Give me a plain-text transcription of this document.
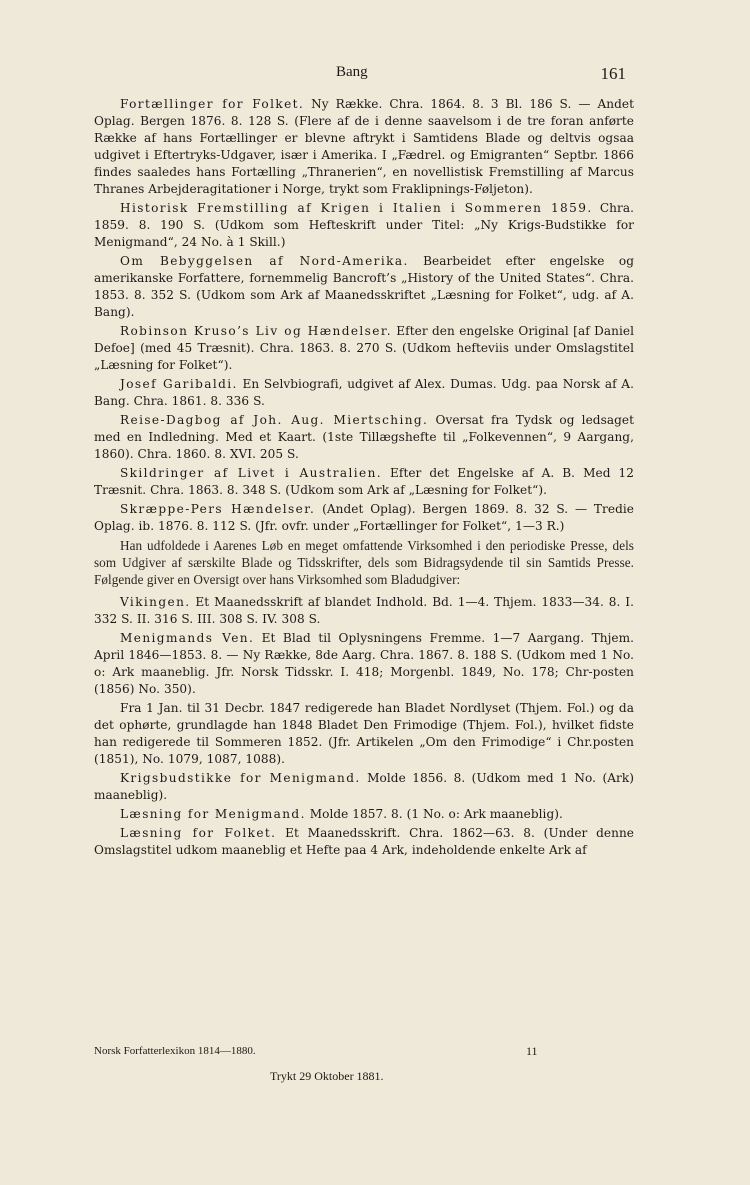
Bang	161

Fortællinger for Folket. Ny Række. Chra. 1864. 8. 3 Bl. 186 S. — Andet Oplag. Bergen 1876. 8. 128 S. (Flere af de i denne saavelsom i de tre foran anførte Række af hans Fortællinger er blevne aftrykt i Samtidens Blade og deltvis ogsaa udgivet i Eftertryks-Udgaver, især i Amerika. I „Fædrel. og Emigranten“ Septbr. 1866 findes saaledes hans Fortælling „Thranerien“, en novellistisk Fremstilling af Marcus Thranes Arbejderagitationer i Norge, trykt som Fraklipnings-Føljeton).

Historisk Fremstilling af Krigen i Italien i Sommeren 1859. Chra. 1859. 8. 190 S. (Udkom som Hefteskrift under Titel: „Ny Krigs-Budstikke for Menigmand“, 24 No. à 1 Skill.)

Om Bebyggelsen af Nord-Amerika. Bearbeidet efter engelske og amerikanske Forfattere, fornemmelig Bancroft’s „History of the United States“. Chra. 1853. 8. 352 S. (Udkom som Ark af Maanedsskriftet „Læsning for Folket“, udg. af A. Bang).

Robinson Kruso’s Liv og Hændelser. Efter den engelske Original [af Daniel Defoe] (med 45 Træsnit). Chra. 1863. 8. 270 S. (Udkom hefteviis under Omslagstitel „Læsning for Folket“).

Josef Garibaldi. En Selvbiografi, udgivet af Alex. Dumas. Udg. paa Norsk af A. Bang. Chra. 1861. 8. 336 S.

Reise-Dagbog af Joh. Aug. Miertsching. Oversat fra Tydsk og ledsaget med en Indledning. Med et Kaart. (1ste Tillægshefte til „Folkevennen“, 9 Aargang, 1860). Chra. 1860. 8. XVI. 205 S.

Skildringer af Livet i Australien. Efter det Engelske af A. B. Med 12 Træsnit. Chra. 1863. 8. 348 S. (Udkom som Ark af „Læsning for Folket“).

Skræppe-Pers Hændelser. (Andet Oplag). Bergen 1869. 8. 32 S. — Tredie Oplag. ib. 1876. 8. 112 S. (Jfr. ovfr. under „Fortællinger for Folket“, 1—3 R.)

Han udfoldede i Aarenes Løb en meget omfattende Virksomhed i den periodiske Presse, dels som Udgiver af særskilte Blade og Tidsskrifter, dels som Bidragsydende til sin Samtids Presse. Følgende giver en Oversigt over hans Virksomhed som Bladudgiver:

Vikingen. Et Maanedsskrift af blandet Indhold. Bd. 1—4. Thjem. 1833—34. 8. I. 332 S. II. 316 S. III. 308 S. IV. 308 S.

Menigmands Ven. Et Blad til Oplysningens Fremme. 1—7 Aargang. Thjem. April 1846—1853. 8. — Ny Række, 8de Aarg. Chra. 1867. 8. 188 S. (Udkom med 1 No. o: Ark maaneblig. Jfr. Norsk Tidsskr. I. 418; Morgenbl. 1849, No. 178; Chr-posten (1856) No. 350).

Fra 1 Jan. til 31 Decbr. 1847 redigerede han Bladet Nordlyset (Thjem. Fol.) og da det ophørte, grundlagde han 1848 Bladet Den Frimodige (Thjem. Fol.), hvilket fidste han redigerede til Sommeren 1852. (Jfr. Artikelen „Om den Frimodige“ i Chr.posten (1851), No. 1079, 1087, 1088).

Krigsbudstikke for Menigmand. Molde 1856. 8. (Udkom med 1 No. (Ark) maaneblig).

Læsning for Menigmand. Molde 1857. 8. (1 No. o: Ark maaneblig).

Læsning for Folket. Et Maanedsskrift. Chra. 1862—63. 8. (Under denne Omslagstitel udkom maaneblig et Hefte paa 4 Ark, indeholdende enkelte Ark af

Norsk Forfatterlexikon 1814—1880.	11
Trykt 29 Oktober 1881.
